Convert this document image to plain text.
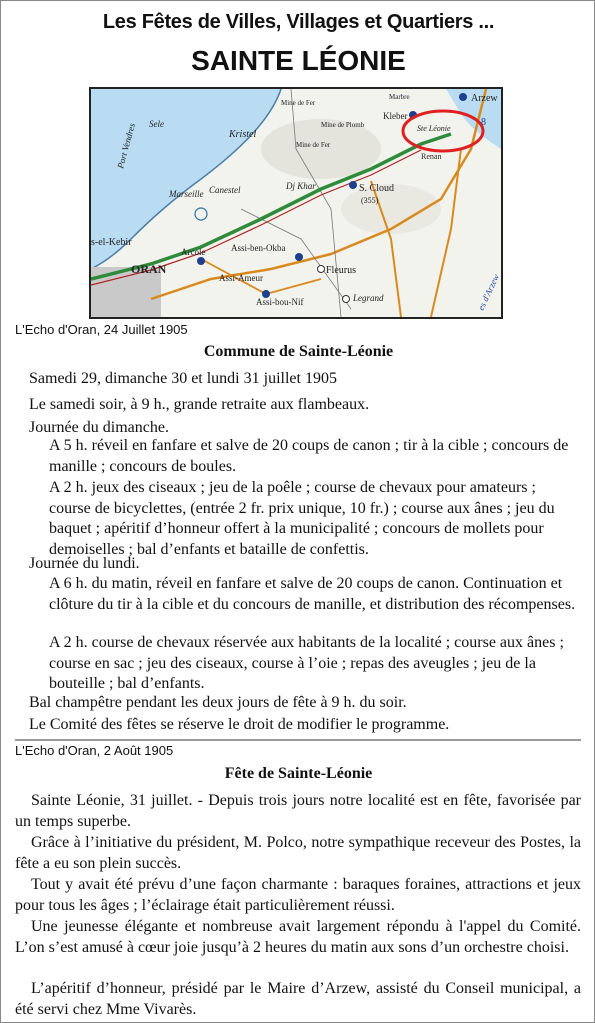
Les Fêtes de Villes, Villages et Quartiers ...
SAINTE LÉONIE
Sele
Port Vendres	Kristel
Marseille Canestel
s-el-Kebir
ORAN
Arcole	Assi-ben-Okba
Assi-Ameur
Assi-bou-Nif
Fleurus
Legrand
S. Cloud
(355)
Dj Khar
Mine de Fer
Mine de Fer
Mine de Plomb
Kleber
Marbre
Ste Léonie
Arzew
Renan
es d'Arzew
8
L'Echo d'Oran, 24 Juillet 1905
Commune de Sainte-Léonie

Samedi 29, dimanche 30 et lundi 31 juillet 1905

Le samedi soir, à 9 h., grande retraite aux flambeaux.

Journée du dimanche.

A 5 h. réveil en fanfare et salve de 20 coups de canon ; tir à la cible ; concours de manille ; concours de boules.

A 2 h. jeux des ciseaux ; jeu de la poêle ; course de chevaux pour amateurs ; course de bicyclettes, (entrée 2 fr. prix unique, 10 fr.) ; course aux ânes ; jeu du baquet ; apéritif d’honneur offert à la municipalité ; concours de mollets pour demoiselles ; bal d’enfants et bataille de confettis.

Journée du lundi.

A 6 h. du matin, réveil en fanfare et salve de 20 coups de canon. Continuation et clôture du tir à la cible et du concours de manille, et distribution des récompenses.

A 2 h. course de chevaux réservée aux habitants de la localité ; course aux ânes ; course en sac ; jeu des ciseaux, course à l’oie ; repas des aveugles ; jeu de la bouteille ; bal d’enfants.

Bal champêtre pendant les deux jours de fête à 9 h. du soir.

Le Comité des fêtes se réserve le droit de modifier le programme.

L'Echo d'Oran, 2 Août 1905
Fête de Sainte-Léonie

Sainte Léonie, 31 juillet. - Depuis trois jours notre localité est en fête, favorisée par un temps superbe.

Grâce à l’initiative du président, M. Polco, notre sympathique receveur des Postes, la fête a eu son plein succès.

Tout y avait été prévu d’une façon charmante : baraques foraines, attractions et jeux pour tous les âges ; l’éclairage était particulièrement réussi.

Une jeunesse élégante et nombreuse avait largement répondu à l'appel du Comité. L’on s’est amusé à cœur joie jusqu’à 2 heures du matin aux sons d’un orchestre choisi.

L’apéritif d’honneur, présidé par le Maire d’Arzew, assisté du Conseil municipal, a été servi chez Mme Vivarès.
